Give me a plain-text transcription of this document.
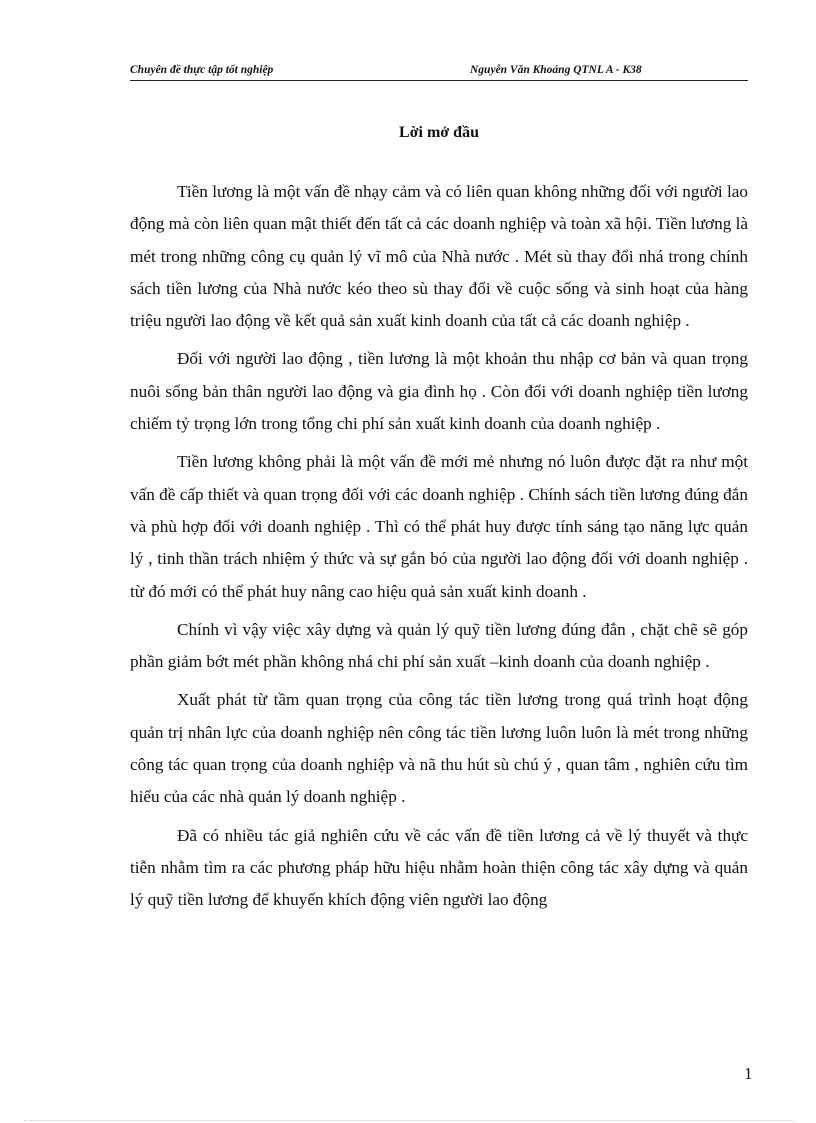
Chuyên đề thực tập tốt nghiệp	Nguyễn Văn Khoáng QTNL A - K38
Lời mở đầu

Tiền lương là một vấn đề nhạy cảm và có liên quan không những đối với người lao động mà còn liên quan mật thiết đến tất cả các doanh nghiệp và toàn xã hội. Tiền lương là mét trong những công cụ quản lý vĩ mô của Nhà nước . Mét sù thay đổi nhá trong chính sách tiền lương của Nhà nước kéo theo sù thay đổi về cuộc sống và sinh hoạt của hàng triệu người lao động về kết quả sản xuất kinh doanh của tất cả các doanh nghiệp .

Đối với người lao động , tiền lương là một khoản thu nhập cơ bản và quan trọng nuôi sống bản thân người lao động và gia đình họ . Còn đối với doanh nghiệp tiền lương chiếm tỷ trọng lớn trong tổng chi phí sản xuất kinh doanh của doanh nghiệp .

Tiền lương không phải là một vấn đề mới mẻ nhưng nó luôn được đặt ra như một vấn đề cấp thiết và quan trọng đối với các doanh nghiệp . Chính sách tiền lương đúng đắn và phù hợp đối với doanh nghiệp . Thì có thể phát huy được tính sáng tạo năng lực quản lý , tinh thần trách nhiệm ý thức và sự gắn bó của người lao động đối với doanh nghiệp . từ đó mới có thể phát huy nâng cao hiệu quả sản xuất kinh doanh .

Chính vì vậy việc xây dựng và quản lý quỹ tiền lương đúng đắn , chặt chẽ sẽ góp phần giảm bớt mét phần không nhá chi phí sản xuất –kinh doanh của doanh nghiệp .

Xuất phát từ tầm quan trọng của công tác tiền lương trong quá trình hoạt động quản trị nhân lực của doanh nghiệp nên công tác tiền lương luôn luôn là mét trong những công tác quan trọng của doanh nghiệp và nã thu hút sù chú ý , quan tâm , nghiên cứu tìm hiểu của các nhà quản lý doanh nghiệp .

Đã có nhiều tác giả nghiên cứu về các vấn đề tiền lương cả về lý thuyết và thực tiễn nhằm tìm ra các phương pháp hữu hiệu nhằm hoàn thiện công tác xây dựng và quản lý quỹ tiền lương để khuyến khích động viên người lao động

1
